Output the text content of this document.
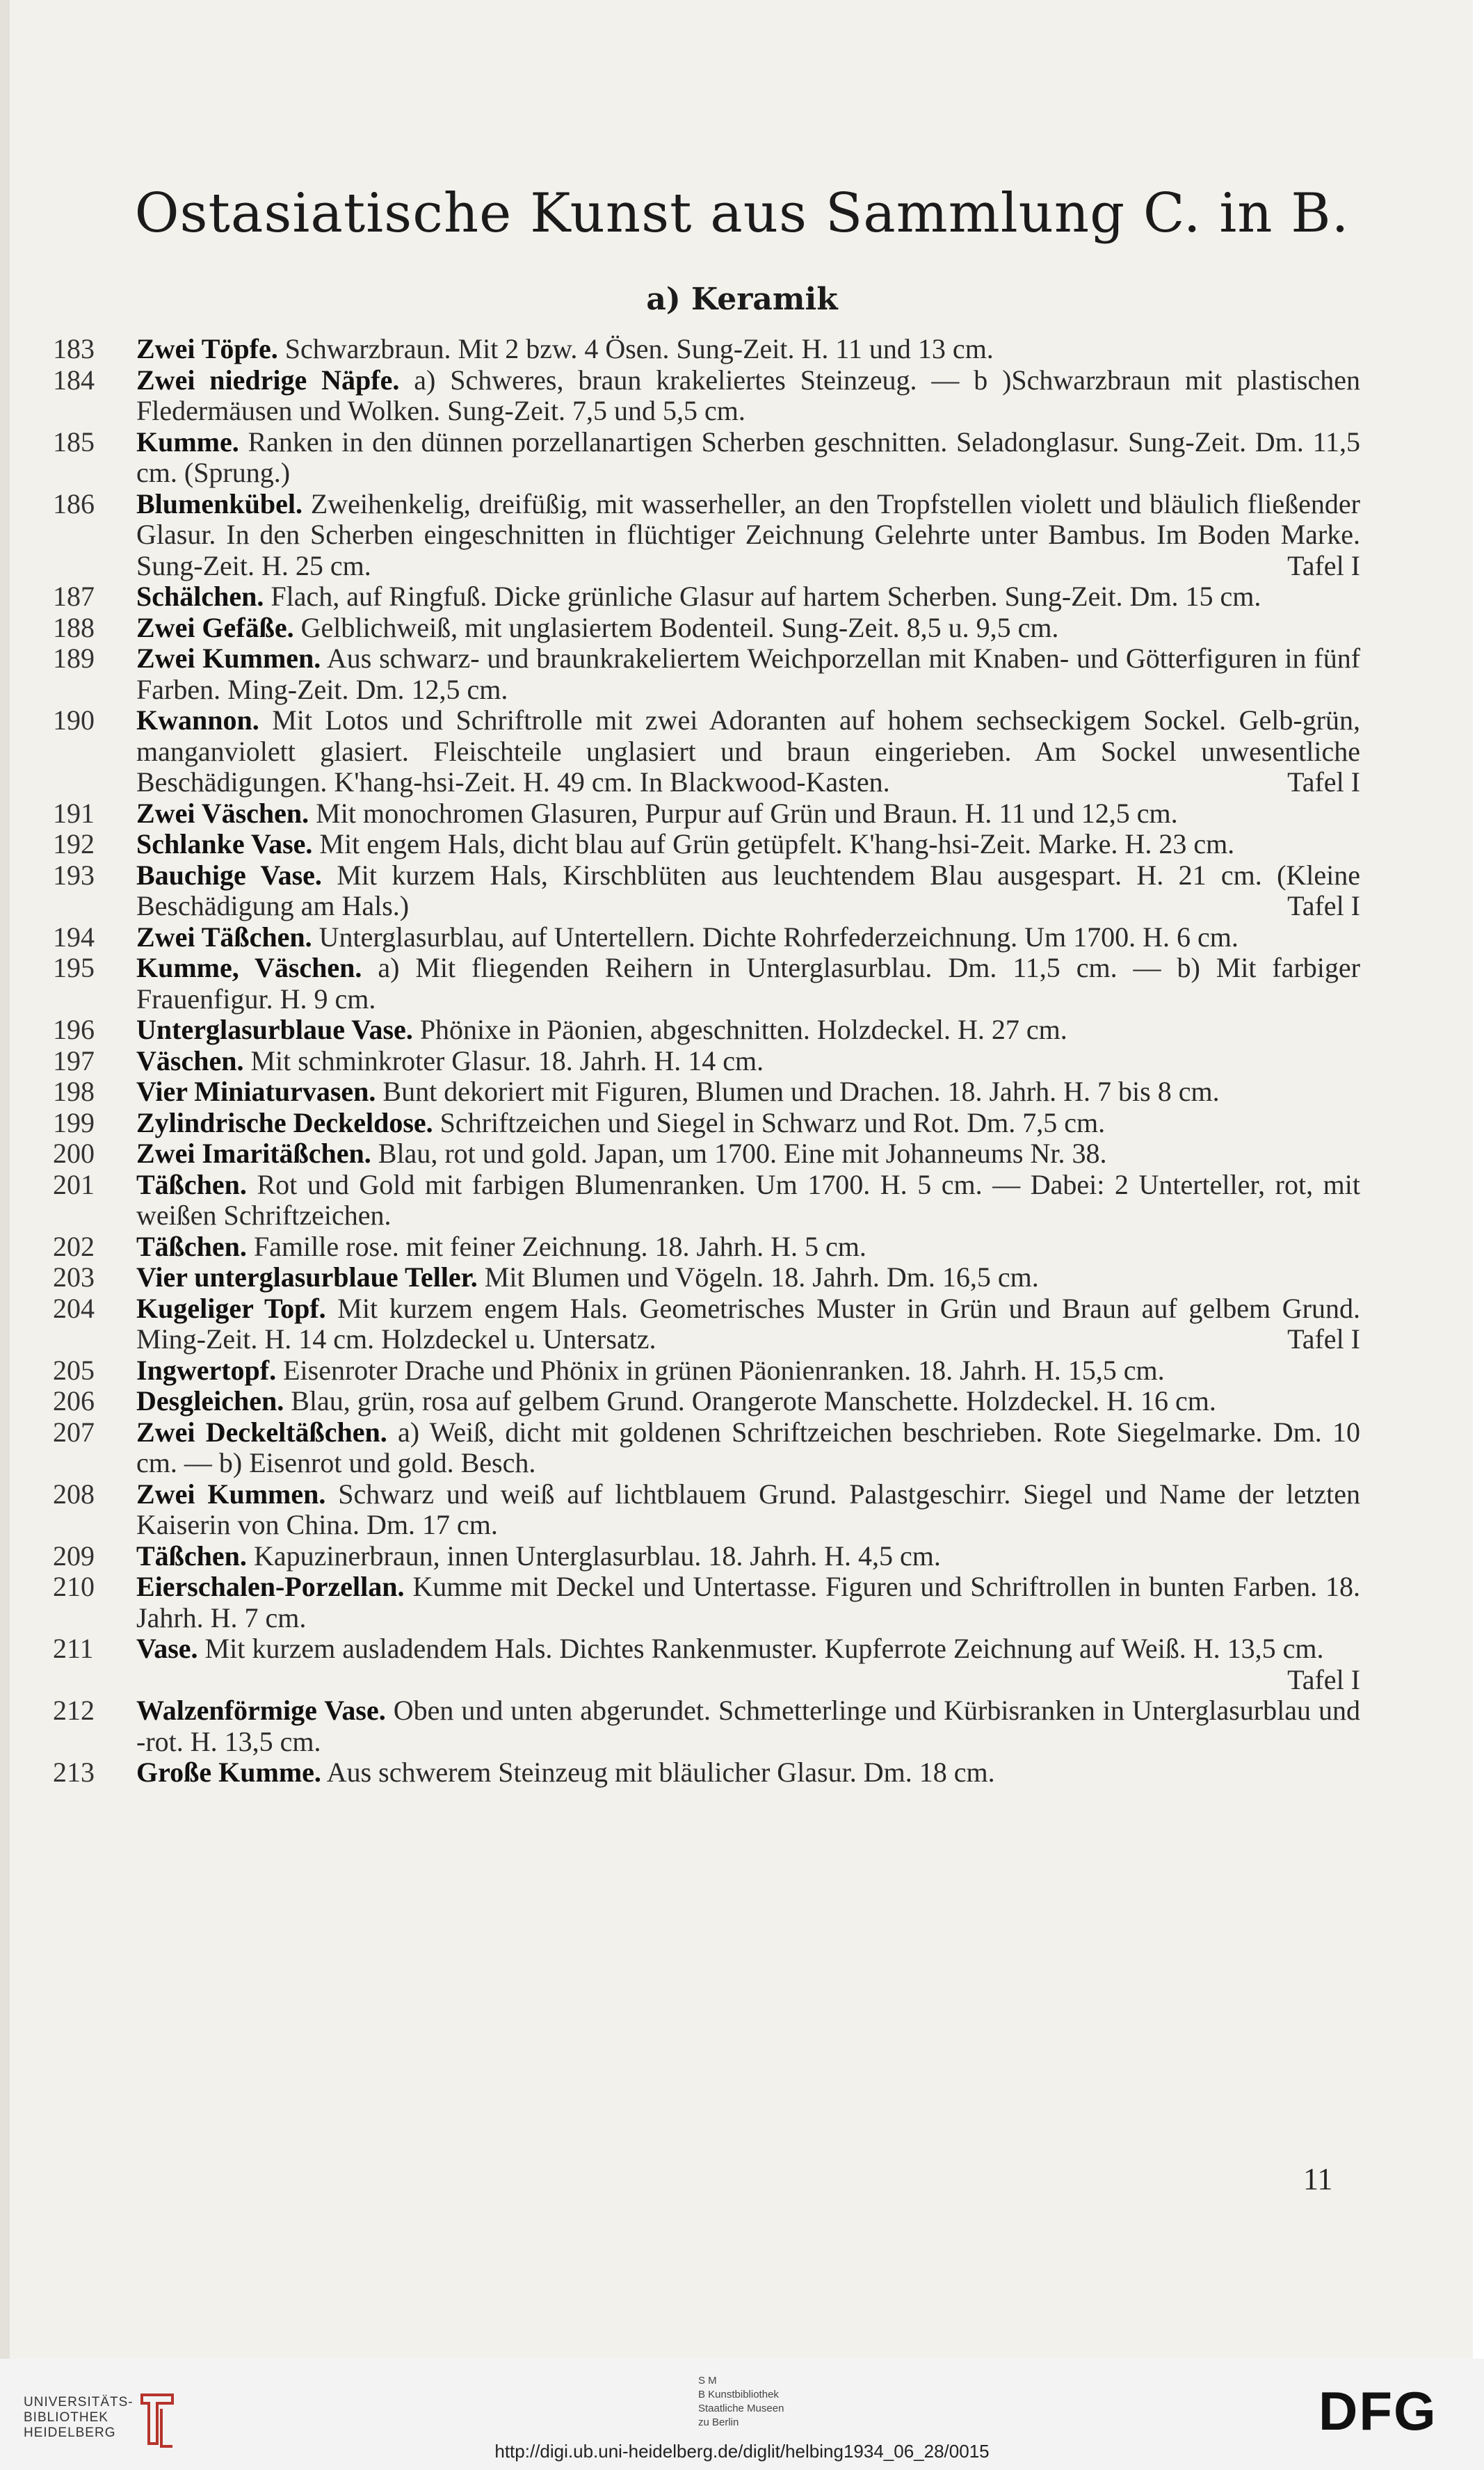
Ostasiatische Kunst aus Sammlung C. in B.
a) Keramik
183	Zwei Töpfe. Schwarzbraun. Mit 2 bzw. 4 Ösen. Sung-Zeit. H. 11 und 13 cm.
184	Zwei niedrige Näpfe. a) Schweres, braun krakeliertes Steinzeug. — b )Schwarzbraun mit plastischen Fledermäusen und Wolken. Sung-Zeit. 7,5 und 5,5 cm.
185	Kumme. Ranken in den dünnen porzellanartigen Scherben geschnitten. Seladonglasur. Sung-Zeit. Dm. 11,5 cm. (Sprung.)
186	Blumenkübel. Zweihenkelig, dreifüßig, mit wasserheller, an den Tropfstellen violett und bläulich fließender Glasur. In den Scherben eingeschnitten in flüchtiger Zeichnung Gelehrte unter Bambus. Im Boden Marke. Sung-Zeit. H. 25 cm.	Tafel I
187	Schälchen. Flach, auf Ringfuß. Dicke grünliche Glasur auf hartem Scherben. Sung-Zeit. Dm. 15 cm.
188	Zwei Gefäße. Gelblichweiß, mit unglasiertem Bodenteil. Sung-Zeit. 8,5 u. 9,5 cm.
189	Zwei Kummen. Aus schwarz- und braunkrakeliertem Weichporzellan mit Knaben- und Götterfiguren in fünf Farben. Ming-Zeit. Dm. 12,5 cm.
190	Kwannon. Mit Lotos und Schriftrolle mit zwei Adoranten auf hohem sechseckigem Sockel. Gelb-grün, manganviolett glasiert. Fleischteile unglasiert und braun eingerieben. Am Sockel unwesentliche Beschädigungen. K'hang-hsi-Zeit. H. 49 cm. In Blackwood-Kasten.	Tafel I
191	Zwei Väschen. Mit monochromen Glasuren, Purpur auf Grün und Braun. H. 11 und 12,5 cm.
192	Schlanke Vase. Mit engem Hals, dicht blau auf Grün getüpfelt. K'hang-hsi-Zeit. Marke. H. 23 cm.
193	Bauchige Vase. Mit kurzem Hals, Kirschblüten aus leuchtendem Blau ausgespart. H. 21 cm. (Kleine Beschädigung am Hals.)	Tafel I
194	Zwei Täßchen. Unterglasurblau, auf Untertellern. Dichte Rohrfederzeichnung. Um 1700. H. 6 cm.
195	Kumme, Väschen. a) Mit fliegenden Reihern in Unterglasurblau. Dm. 11,5 cm. — b) Mit farbiger Frauenfigur. H. 9 cm.
196	Unterglasurblaue Vase. Phönixe in Päonien, abgeschnitten. Holzdeckel. H. 27 cm.
197	Väschen. Mit schminkroter Glasur. 18. Jahrh. H. 14 cm.
198	Vier Miniaturvasen. Bunt dekoriert mit Figuren, Blumen und Drachen. 18. Jahrh. H. 7 bis 8 cm.
199	Zylindrische Deckeldose. Schriftzeichen und Siegel in Schwarz und Rot. Dm. 7,5 cm.
200	Zwei Imaritäßchen. Blau, rot und gold. Japan, um 1700. Eine mit Johanneums Nr. 38.
201	Täßchen. Rot und Gold mit farbigen Blumenranken. Um 1700. H. 5 cm. — Dabei: 2 Unterteller, rot, mit weißen Schriftzeichen.
202	Täßchen. Famille rose. mit feiner Zeichnung. 18. Jahrh. H. 5 cm.
203	Vier unterglasurblaue Teller. Mit Blumen und Vögeln. 18. Jahrh. Dm. 16,5 cm.
204	Kugeliger Topf. Mit kurzem engem Hals. Geometrisches Muster in Grün und Braun auf gelbem Grund. Ming-Zeit. H. 14 cm. Holzdeckel u. Untersatz.	Tafel I
205	Ingwertopf. Eisenroter Drache und Phönix in grünen Päonienranken. 18. Jahrh. H. 15,5 cm.
206	Desgleichen. Blau, grün, rosa auf gelbem Grund. Orangerote Manschette. Holzdeckel. H. 16 cm.
207	Zwei Deckeltäßchen. a) Weiß, dicht mit goldenen Schriftzeichen beschrieben. Rote Siegelmarke. Dm. 10 cm. — b) Eisenrot und gold. Besch.
208	Zwei Kummen. Schwarz und weiß auf lichtblauem Grund. Palastgeschirr. Siegel und Name der letzten Kaiserin von China. Dm. 17 cm.
209	Täßchen. Kapuzinerbraun, innen Unterglasurblau. 18. Jahrh. H. 4,5 cm.
210	Eierschalen-Porzellan. Kumme mit Deckel und Untertasse. Figuren und Schriftrollen in bunten Farben. 18. Jahrh. H. 7 cm.
211	Vase. Mit kurzem ausladendem Hals. Dichtes Rankenmuster. Kupferrote Zeichnung auf Weiß. H. 13,5 cm.
Tafel I
212	Walzenförmige Vase. Oben und unten abgerundet. Schmetterlinge und Kürbisranken in Unterglasurblau und -rot. H. 13,5 cm.
213	Große Kumme. Aus schwerem Steinzeug mit bläulicher Glasur. Dm. 18 cm.
11
UNIVERSITÄTS-
BIBLIOTHEK
HEIDELBERG
S M
B Kunstbibliothek
Staatliche Museen
zu Berlin	DFG
http://digi.ub.uni-heidelberg.de/diglit/helbing1934_06_28/0015
